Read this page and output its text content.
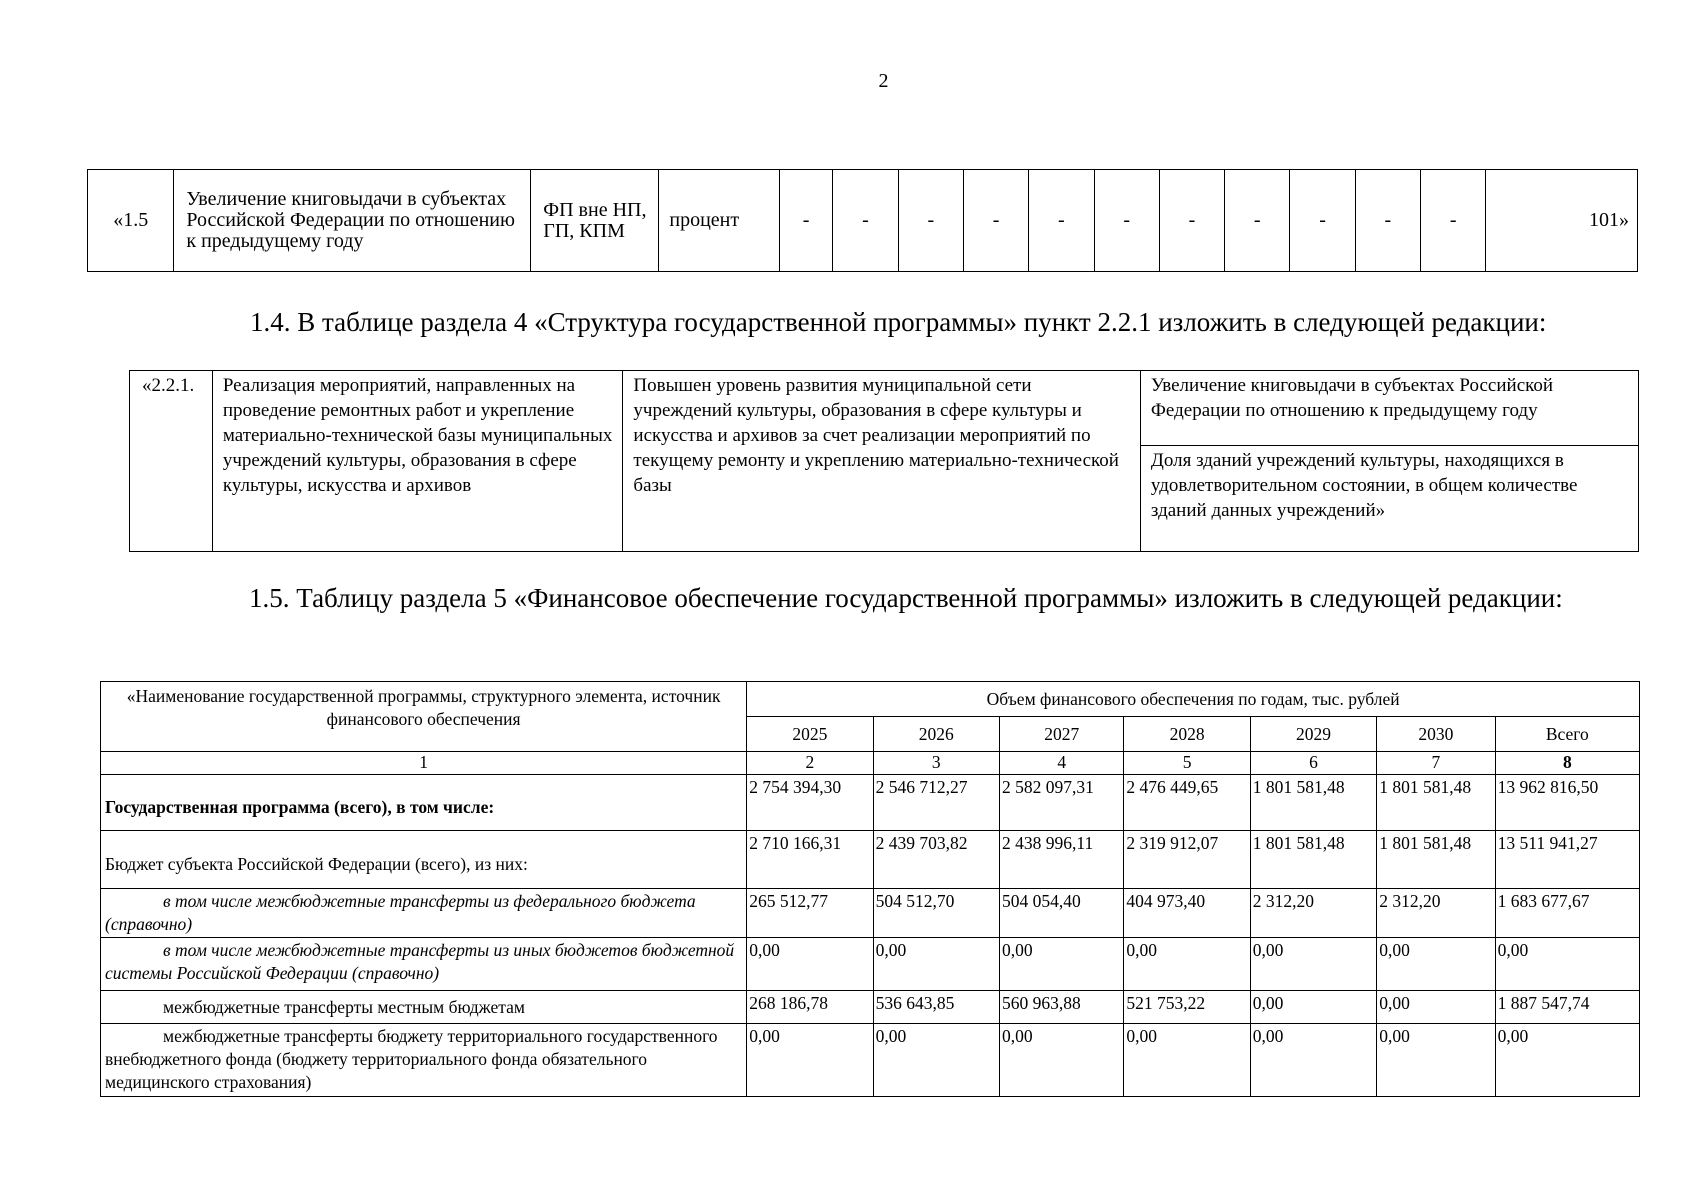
2
«1.5	Увеличение книговыдачи в субъектах Российской Федерации по отношению к предыдущему году	ФП вне НП, ГП, КПМ	процент	-	-	-	-	-	-	-	-	-	-	-	101»
1.4. В таблице раздела 4 «Структура государственной программы» пункт 2.2.1 изложить в следующей редакции:
«2.2.1.	Реализация мероприятий, направленных на проведение ремонтных работ и укрепление материально-технической базы муниципальных учреждений культуры, образования в сфере культуры, искусства и архивов	Повышен уровень развития муниципальной сети учреждений культуры, образования в сфере культуры и искусства и архивов за счет реализации мероприятий по текущему ремонту и укреплению материально-технической базы	Увеличение книговыдачи в субъектах Российской Федерации по отношению к предыдущему году
Доля зданий учреждений культуры, находящихся в удовлетворительном состоянии, в общем количестве зданий данных учреждений»
1.5. Таблицу раздела 5 «Финансовое обеспечение государственной программы» изложить в следующей редакции:
«Наименование государственной программы, структурного элемента, источник финансового обеспечения	Объем финансового обеспечения по годам, тыс. рублей						
	2025	2026	2027	2028	2029	2030	Всего
1	2	3	4	5	6	7	8
Государственная программа (всего), в том числе:	2 754 394,30	2 546 712,27	2 582 097,31	2 476 449,65	1 801 581,48	1 801 581,48	13 962 816,50
Бюджет субъекта Российской Федерации (всего), из них:	2 710 166,31	2 439 703,82	2 438 996,11	2 319 912,07	1 801 581,48	1 801 581,48	13 511 941,27
в том числе межбюджетные трансферты из федерального бюджета (справочно)	265 512,77	504 512,70	504 054,40	404 973,40	2 312,20	2 312,20	1 683 677,67
в том числе межбюджетные трансферты из иных бюджетов бюджетной системы Российской Федерации (справочно)	0,00	0,00	0,00	0,00	0,00	0,00	0,00
межбюджетные трансферты местным бюджетам	268 186,78	536 643,85	560 963,88	521 753,22	0,00	0,00	1 887 547,74
межбюджетные трансферты бюджету территориального государственного внебюджетного фонда (бюджету территориального фонда обязательного медицинского страхования)	0,00	0,00	0,00	0,00	0,00	0,00	0,00
